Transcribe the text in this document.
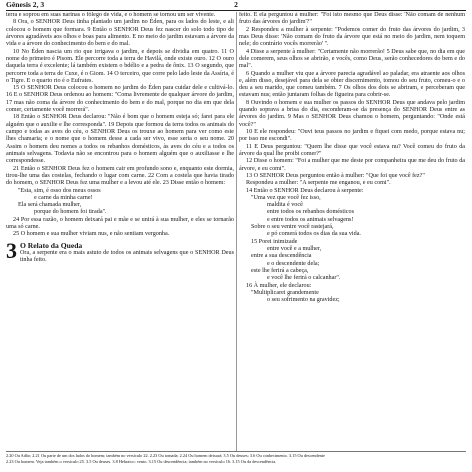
Gênesis 2, 3	2

terra e soprou em suas narinas o fôlego de vida, e o homem se tornou um ser vivente.

8 Ora, o SENHOR Deus tinha plantado um jardim no Éden, para os lados do leste, e ali colocou o homem que formara. 9 Então o SENHOR Deus fez nascer do solo todo tipo de árvores agradáveis aos olhos e boas para alimento. E no meio do jardim estavam a árvore da vida e a árvore do conhecimento do bem e do mal.

10 No Éden nascia um rio que irrigava o jardim, e depois se dividia em quatro. 11 O nome do primeiro é Pisom. Ele percorre toda a terra de Havilá, onde existe ouro. 12 O ouro daquela terra é excelente; lá também existem o bdélio e a pedra de ônix. 13 O segundo, que percorre toda a terra de Cuxe, é o Giom. 14 O terceiro, que corre pelo lado leste da Assíria, é o Tigre. E o quarto rio é o Eufrates.

15 O SENHOR Deus colocou o homem no jardim do Éden para cuidar dele e cultivá-lo. 16 E o SENHOR Deus ordenou ao homem: "Coma livremente de qualquer árvore do jardim, 17 mas não coma da árvore do conhecimento do bem e do mal, porque no dia em que dela comer, certamente você morrerá".

18 Então o SENHOR Deus declarou: "Não é bom que o homem esteja só; farei para ele alguém que o auxilie e lhe corresponda". 19 Depois que formou da terra todos os animais do campo e todas as aves do céu, o SENHOR Deus os trouxe ao homem para ver como este lhes chamaria; e o nome que o homem desse a cada ser vivo, esse seria o seu nome. 20 Assim o homem deu nomes a todos os rebanhos domésticos, às aves do céu e a todos os animais selvagens. Todavia não se encontrou para o homem alguém que o auxiliasse e lhe correspondesse.

21 Então o SENHOR Deus fez o homem cair em profundo sono e, enquanto este dormia, tirou-lhe uma das costelas, fechando o lugar com carne. 22 Com a costela que havia tirado do homem, o SENHOR Deus fez uma mulher e a levou até ele. 23 Disse então o homem:

"Esta, sim, é osso dos meus ossos

e carne da minha carne!

Ela será chamada mulher,

porque do homem foi tirada".

24 Por essa razão, o homem deixará pai e mãe e se unirá à sua mulher, e eles se tornarão uma só carne.

25 O homem e sua mulher viviam nus, e não sentiam vergonha.

3 O Relato da Queda

Ora, a serpente era o mais astuto de todos os animais selvagens que o SENHOR Deus tinha feito.

feito. E ela perguntou à mulher: "Foi isto mesmo que Deus disse: 'Não comam de nenhum fruto das árvores do jardim'?"

2 Respondeu a mulher à serpente: "Podemos comer do fruto das árvores do jardim, 3 mas Deus disse: 'Não comam do fruto da árvore que está no meio do jardim, nem toquem nele; do contrário vocês morrerão' ".

4 Disse a serpente à mulher: "Certamente não morrerão! 5 Deus sabe que, no dia em que dele comerem, seus olhos se abrirão, e vocês, como Deus, serão conhecedores do bem e do mal".

6 Quando a mulher viu que a árvore parecia agradável ao paladar, era atraente aos olhos e, além disso, desejável para dela se obter discernimento, tomou do seu fruto, comeu-o e o deu a seu marido, que comeu também. 7 Os olhos dos dois se abriram, e perceberam que estavam nus; então juntaram folhas de figueira para cobrir-se.

8 Ouvindo o homem e sua mulher os passos do SENHOR Deus que andava pelo jardim quando soprava a brisa do dia, esconderam-se da presença do SENHOR Deus entre as árvores do jardim. 9 Mas o SENHOR Deus chamou o homem, perguntando: "Onde está você?"

10 E ele respondeu: "Ouvi teus passos no jardim e fiquei com medo, porque estava nu; por isso me escondi".

11 E Deus perguntou: "Quem lhe disse que você estava nu? Você comeu do fruto da árvore da qual lhe proibi comer?"

12 Disse o homem: "Foi a mulher que me deste por companheira que me deu do fruto da árvore, e eu comi".

13 O SENHOR Deus perguntou então à mulher: "Que foi que você fez?"

Respondeu a mulher: "A serpente me enganou, e eu comi".

14 Então o SENHOR Deus declarou à serpente:

"Uma vez que você fez isso,

maldita é você

entre todos os rebanhos domésticos

e entre todos os animais selvagens!

Sobre o seu ventre você rastejará,

e pó comerá todos os dias da sua vida.

15 Porei inimizade

entre você e a mulher,

entre a sua descendência

e o descendente dela;

este lhe ferirá a cabeça,

e você lhe ferirá o calcanhar".

16 À mulher, ele declarou:

"Multiplicarei grandemente

o seu sofrimento na gravidez;

2.20 Ou Adão; 2.21 Ou parte de um dos lados do homem; também no versículo 22. 2.23 Ou tomada; 2.24 Ou homem deixará; 3.5 Ou deuses; 3.6 Ou conhecimento. 3.15 Ou descendente
2.23 Ou homem. Veja também o versículo 25. 3.5 Ou deuses. 3.8 Hebraico: vento. 3.15 Ou descendência; também no versículo 16. 3.15 Ou da descendência.
